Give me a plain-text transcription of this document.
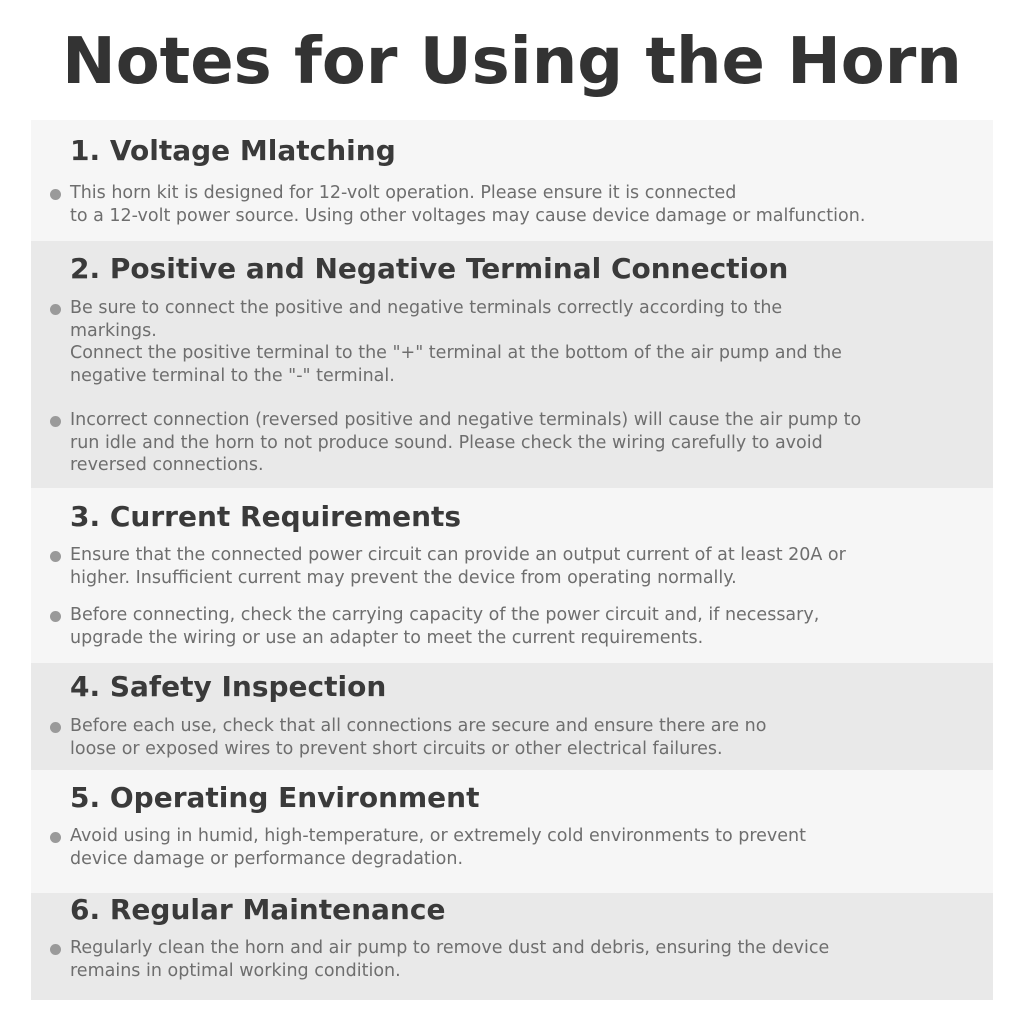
Notes for Using the Horn
1. Voltage Mlatching
This horn kit is designed for 12-volt operation. Please ensure it is connected
to a 12-volt power source. Using other voltages may cause device damage or malfunction.
2. Positive and Negative Terminal Connection
Be sure to connect the positive and negative terminals correctly according to the
markings.
Connect the positive terminal to the "+" terminal at the bottom of the air pump and the
negative terminal to the "-" terminal.
Incorrect connection (reversed positive and negative terminals) will cause the air pump to
run idle and the horn to not produce sound. Please check the wiring carefully to avoid
reversed connections.
3. Current Requirements
Ensure that the connected power circuit can provide an output current of at least 20A or
higher. Insufficient current may prevent the device from operating normally.
Before connecting, check the carrying capacity of the power circuit and, if necessary,
upgrade the wiring or use an adapter to meet the current requirements.
4. Safety Inspection
Before each use, check that all connections are secure and ensure there are no
loose or exposed wires to prevent short circuits or other electrical failures.
5. Operating Environment
Avoid using in humid, high-temperature, or extremely cold environments to prevent
device damage or performance degradation.
6. Regular Maintenance
Regularly clean the horn and air pump to remove dust and debris, ensuring the device
remains in optimal working condition.
